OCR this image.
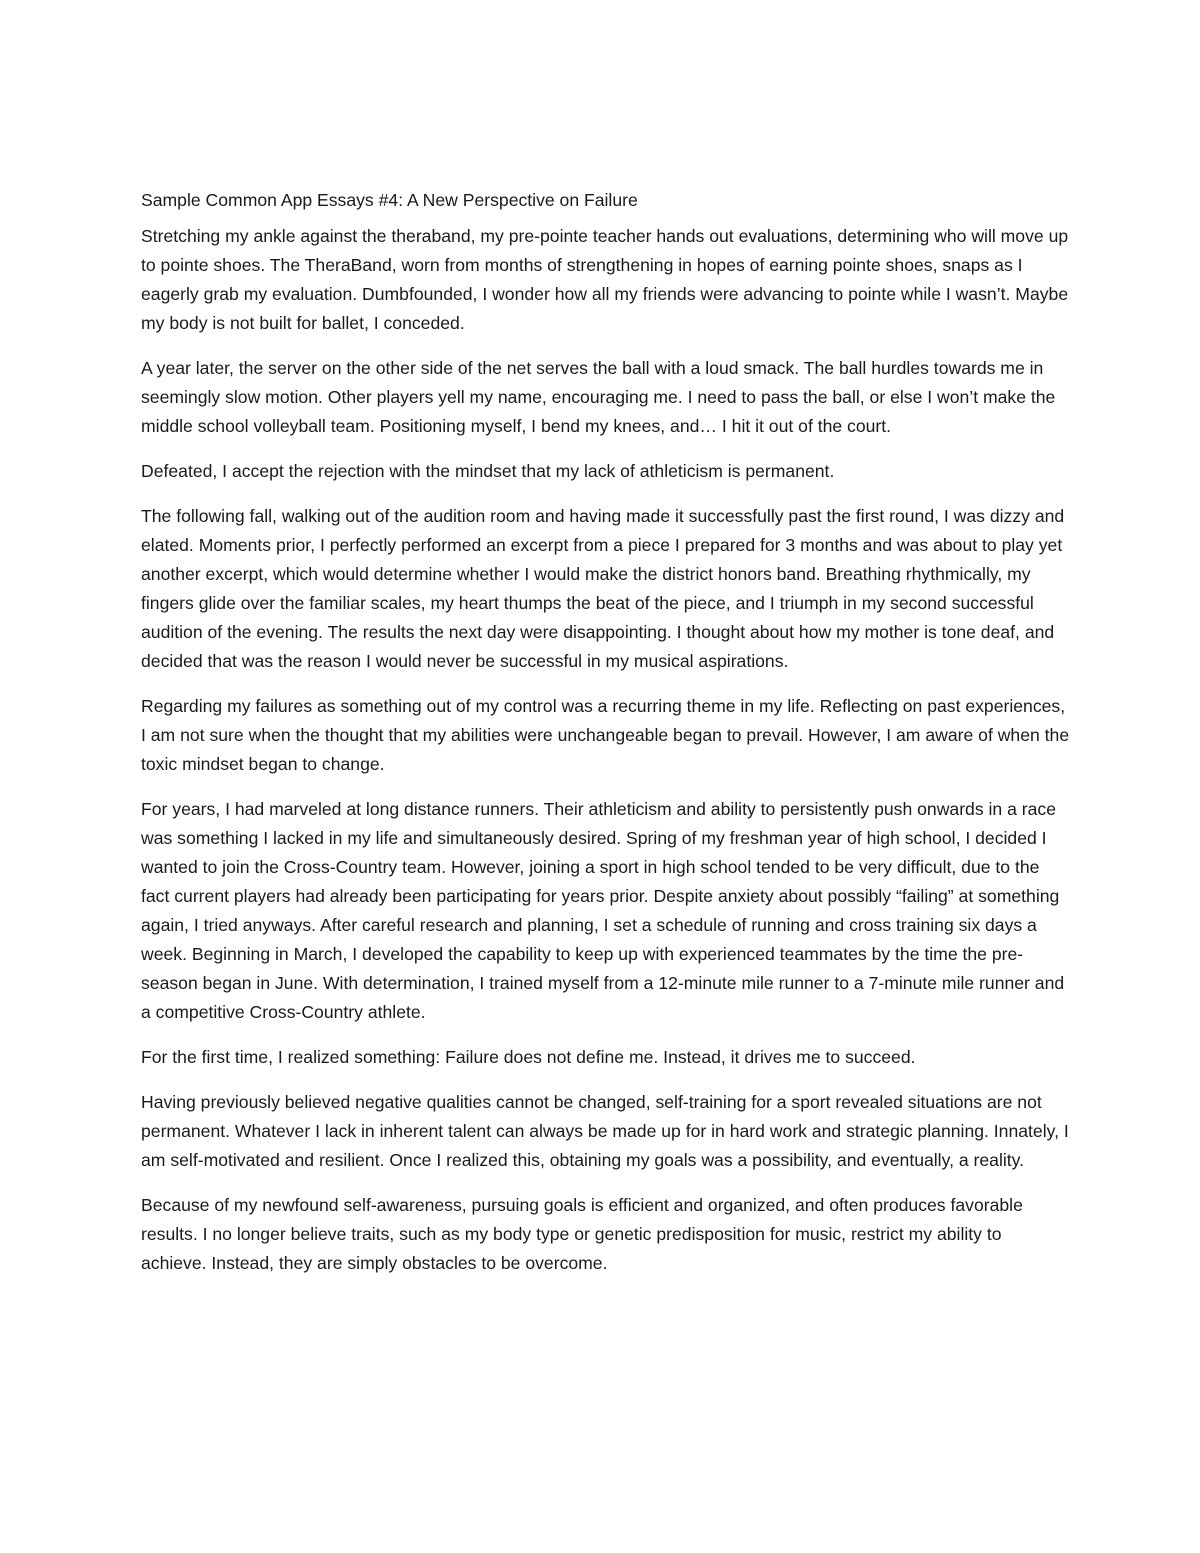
Sample Common App Essays #4: A New Perspective on Failure

Stretching my ankle against the theraband, my pre-pointe teacher hands out evaluations, determining who will move up to pointe shoes. The TheraBand, worn from months of strengthening in hopes of earning pointe shoes, snaps as I eagerly grab my evaluation. Dumbfounded, I wonder how all my friends were advancing to pointe while I wasn’t. Maybe my body is not built for ballet, I conceded.

A year later, the server on the other side of the net serves the ball with a loud smack. The ball hurdles towards me in seemingly slow motion. Other players yell my name, encouraging me. I need to pass the ball, or else I won’t make the middle school volleyball team. Positioning myself, I bend my knees, and… I hit it out of the court.

Defeated, I accept the rejection with the mindset that my lack of athleticism is permanent.

The following fall, walking out of the audition room and having made it successfully past the first round, I was dizzy and elated. Moments prior, I perfectly performed an excerpt from a piece I prepared for 3 months and was about to play yet another excerpt, which would determine whether I would make the district honors band. Breathing rhythmically, my fingers glide over the familiar scales, my heart thumps the beat of the piece, and I triumph in my second successful audition of the evening. The results the next day were disappointing. I thought about how my mother is tone deaf, and decided that was the reason I would never be successful in my musical aspirations.

Regarding my failures as something out of my control was a recurring theme in my life. Reflecting on past experiences, I am not sure when the thought that my abilities were unchangeable began to prevail. However, I am aware of when the toxic mindset began to change.

For years, I had marveled at long distance runners. Their athleticism and ability to persistently push onwards in a race was something I lacked in my life and simultaneously desired. Spring of my freshman year of high school, I decided I wanted to join the Cross-Country team. However, joining a sport in high school tended to be very difficult, due to the fact current players had already been participating for years prior. Despite anxiety about possibly “failing” at something again, I tried anyways. After careful research and planning, I set a schedule of running and cross training six days a week. Beginning in March, I developed the capability to keep up with experienced teammates by the time the pre-season began in June. With determination, I trained myself from a 12-minute mile runner to a 7-minute mile runner and a competitive Cross-Country athlete.

For the first time, I realized something: Failure does not define me. Instead, it drives me to succeed.

Having previously believed negative qualities cannot be changed, self-training for a sport revealed situations are not permanent. Whatever I lack in inherent talent can always be made up for in hard work and strategic planning. Innately, I am self-motivated and resilient. Once I realized this, obtaining my goals was a possibility, and eventually, a reality.

Because of my newfound self-awareness, pursuing goals is efficient and organized, and often produces favorable results. I no longer believe traits, such as my body type or genetic predisposition for music, restrict my ability to achieve. Instead, they are simply obstacles to be overcome.
